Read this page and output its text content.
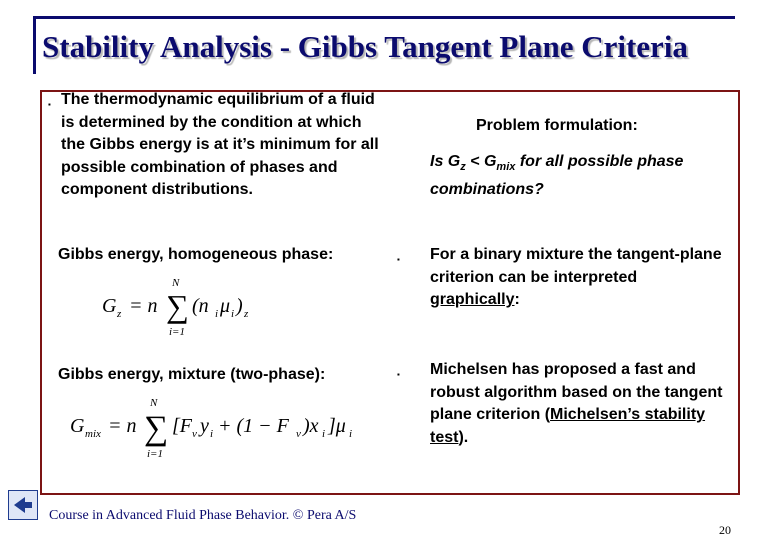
Stability Analysis - Gibbs Tangent Plane Criteria
▪ The thermodynamic equilibrium of a fluid is determined by the condition at which the Gibbs energy is at it’s minimum for all possible combination of phases and component distributions.

Problem formulation:

Is $G_z < G_{mix}$ for all possible phase combinations?

Gibbs energy, homogeneous phase:

G z = n
N
∑
i=1
(n i μ i ) z

Gibbs energy, mixture (two-phase):

G mix = n
N
∑
i=1
[F v y i + (1 − F v )x i ]μ i
▪ For a binary mixture the tangent-plane criterion can be interpreted graphically:

▪ Michelsen has proposed a fast and robust algorithm based on the tangent plane criterion (Michelsen’s stability test).

Course in Advanced Fluid Phase Behavior. © Pera A/S
20
